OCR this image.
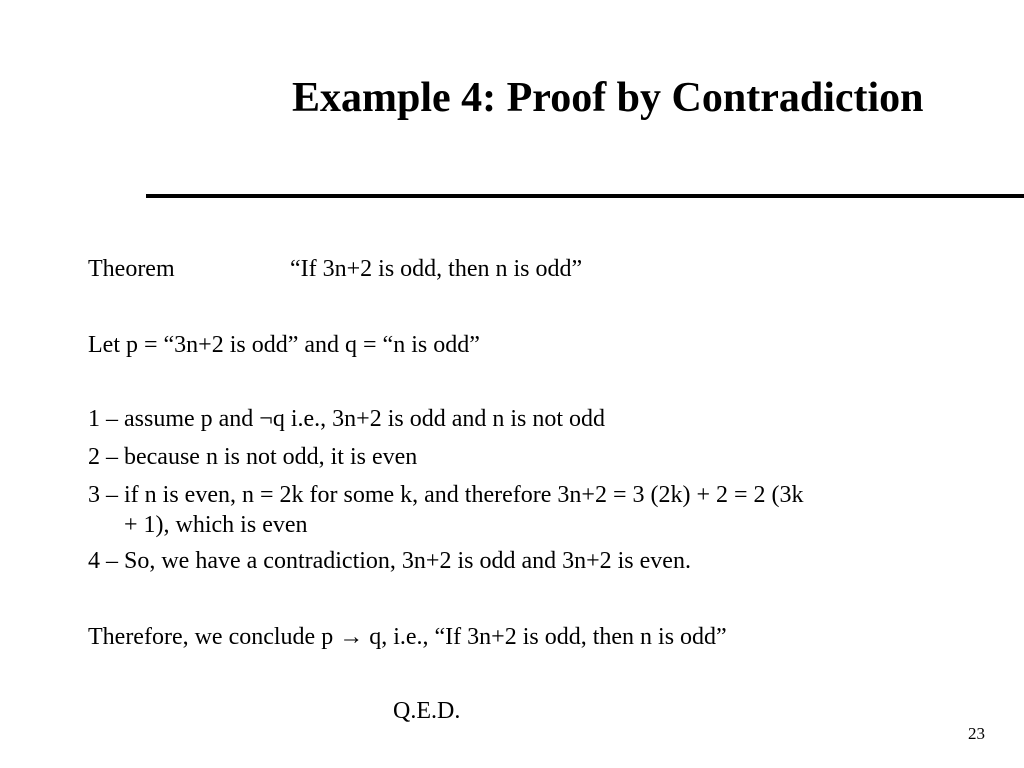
Example 4: Proof by Contradiction
Theorem	“If 3n+2 is odd, then n is odd”
Let p = “3n+2 is odd” and q = “n is odd”
1 – assume p and ¬q i.e., 3n+2 is odd and n is not odd
2 – because n is not odd, it is even
3 – if n is even, n = 2k for some k, and therefore 3n+2 = 3 (2k) + 2 = 2 (3k
+ 1), which is even
4 – So, we have a contradiction, 3n+2 is odd and 3n+2 is even.
Therefore, we conclude p → q, i.e., “If 3n+2 is odd, then n is odd”
Q.E.D.
23
